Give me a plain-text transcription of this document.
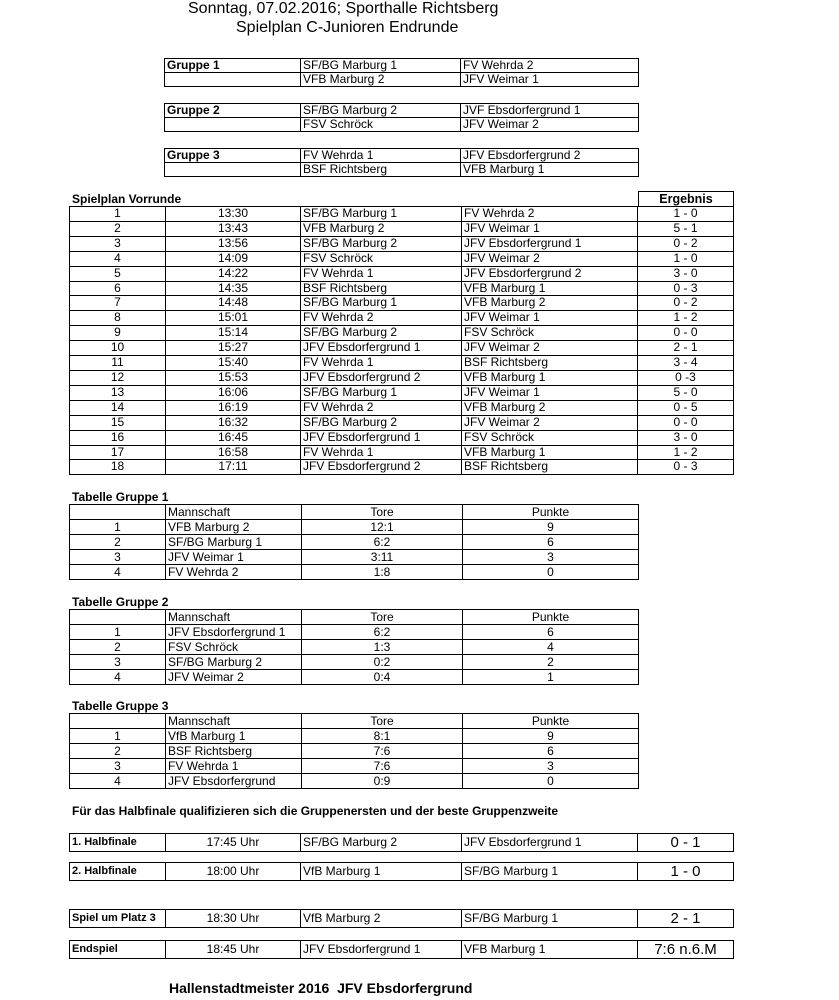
Sonntag, 07.02.2016; Sporthalle Richtsberg
Spielplan C-Junioren Endrunde
Gruppe 1	SF/BG Marburg 1	FV Wehrda 2
	VFB Marburg 2	JFV Weimar 1
Gruppe 2	SF/BG Marburg 2	JVF Ebsdorfergrund 1
	FSV Schröck	JFV Weimar 2
Gruppe 3	FV Wehrda 1	JFV Ebsdorfergrund 2
	BSF Richtsberg	VFB Marburg 1
Spielplan Vorrunde	Ergebnis
1	13:30	SF/BG Marburg 1	FV Wehrda 2	1 - 0
2	13:43	VFB Marburg 2	JFV Weimar 1	5 - 1
3	13:56	SF/BG Marburg 2	JFV Ebsdorfergrund 1	0 - 2
4	14:09	FSV Schröck	JFV Weimar 2	1 - 0
5	14:22	FV Wehrda 1	JFV Ebsdorfergrund 2	3 - 0
6	14:35	BSF Richtsberg	VFB Marburg 1	0 - 3
7	14:48	SF/BG Marburg 1	VFB Marburg 2	0 - 2
8	15:01	FV Wehrda 2	JFV Weimar 1	1 - 2
9	15:14	SF/BG Marburg 2	FSV Schröck	0 - 0
10	15:27	JFV Ebsdorfergrund 1	JFV Weimar 2	2 - 1
11	15:40	FV Wehrda 1	BSF Richtsberg	3 - 4
12	15:53	JFV Ebsdorfergrund 2	VFB Marburg 1	0 -3
13	16:06	SF/BG Marburg 1	JFV Weimar 1	5 - 0
14	16:19	FV Wehrda 2	VFB Marburg 2	0 - 5
15	16:32	SF/BG Marburg 2	JFV Weimar 2	0 - 0
16	16:45	JFV Ebsdorfergrund 1	FSV Schröck	3 - 0
17	16:58	FV Wehrda 1	VFB Marburg 1	1 - 2
18	17:11	JFV Ebsdorfergrund 2	BSF Richtsberg	0 - 3
Tabelle Gruppe 1
	Mannschaft	Tore	Punkte
1	VFB Marburg 2	12:1	9
2	SF/BG Marburg 1	6:2	6
3	JFV Weimar 1	3:11	3
4	FV Wehrda 2	1:8	0
Tabelle Gruppe 2
	Mannschaft	Tore	Punkte
1	JFV Ebsdorfergrund 1	6:2	6
2	FSV Schröck	1:3	4
3	SF/BG Marburg 2	0:2	2
4	JFV Weimar 2	0:4	1
Tabelle Gruppe 3
	Mannschaft	Tore	Punkte
1	VfB Marburg 1	8:1	9
2	BSF Richtsberg	7:6	6
3	FV Wehrda 1	7:6	3
4	JFV Ebsdorfergrund	0:9	0
Für das Halbfinale qualifizieren sich die Gruppenersten und der beste Gruppenzweite
1. Halbfinale	17:45 Uhr	SF/BG Marburg 2	JFV Ebsdorfergrund 1	0 - 1
2. Halbfinale	18:00 Uhr	VfB Marburg 1	SF/BG Marburg 1	1 - 0
Spiel um Platz 3	18:30 Uhr	VfB Marburg 2	SF/BG Marburg 1	2 - 1
Endspiel	18:45 Uhr	JFV Ebsdorfergrund 1	VFB Marburg 1	7:6 n.6.M
Hallenstadtmeister 2016  JFV Ebsdorfergrund
